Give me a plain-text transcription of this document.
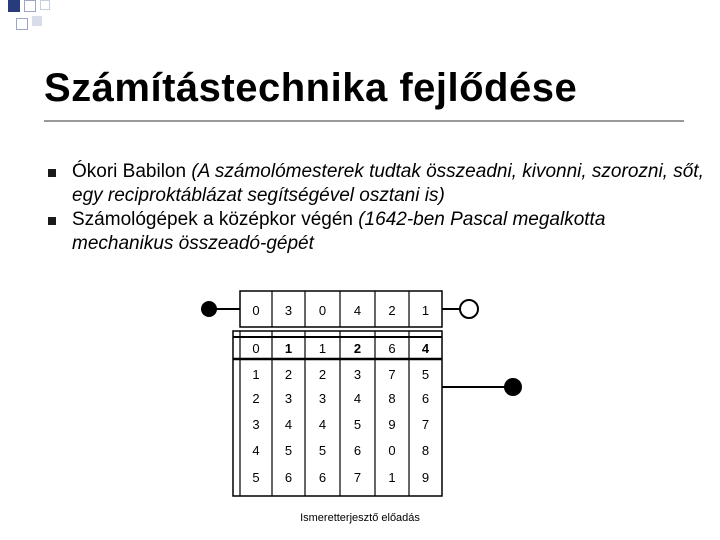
Számítástechnika fejlődése
Ókori Babilon (A számolómesterek tudtak összeadni, kivonni, szorozni, sőt, egy reciproktáblázat segítségével osztani is)
Számológépek a középkor végén (1642-ben Pascal megalkotta mechanikus összeadó-gépét
0 3 0 4 2 1
0 1 1 2 6 4
1 2 2 3 7 5
2 3 3 4 8 6
3 4 4 5 9 7
4 5 5 6 0 8
5 6 6 7 1 9
Ismeretterjesztő előadás
